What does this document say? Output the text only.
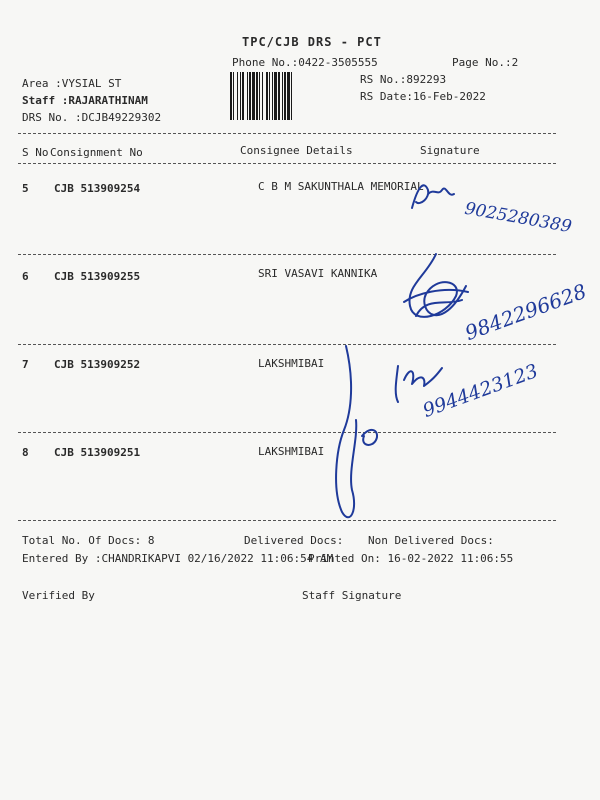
TPC/CJB DRS - PCT
Phone No.:0422-3505555	Page No.:2
Area :VYSIAL ST
Staff :RAJARATHINAM
DRS No. :DCJB49229302
RS No.:892293
RS Date:16-Feb-2022
S No Consignment No	Consignee Details	Signature
5 CJB 513909254	C B M SAKUNTHALA MEMORIAL
6 CJB 513909255	SRI VASAVI KANNIKA
7 CJB 513909252	LAKSHMIBAI
8 CJB 513909251	LAKSHMIBAI
9025280389
9842296628
9944423123
Total No. Of Docs: 8	Delivered Docs: Non Delivered Docs:
Entered By :CHANDRIKAPVI 02/16/2022 11:06:54 AM
Printed On: 16-02-2022 11:06:55
Verified By	Staff Signature
